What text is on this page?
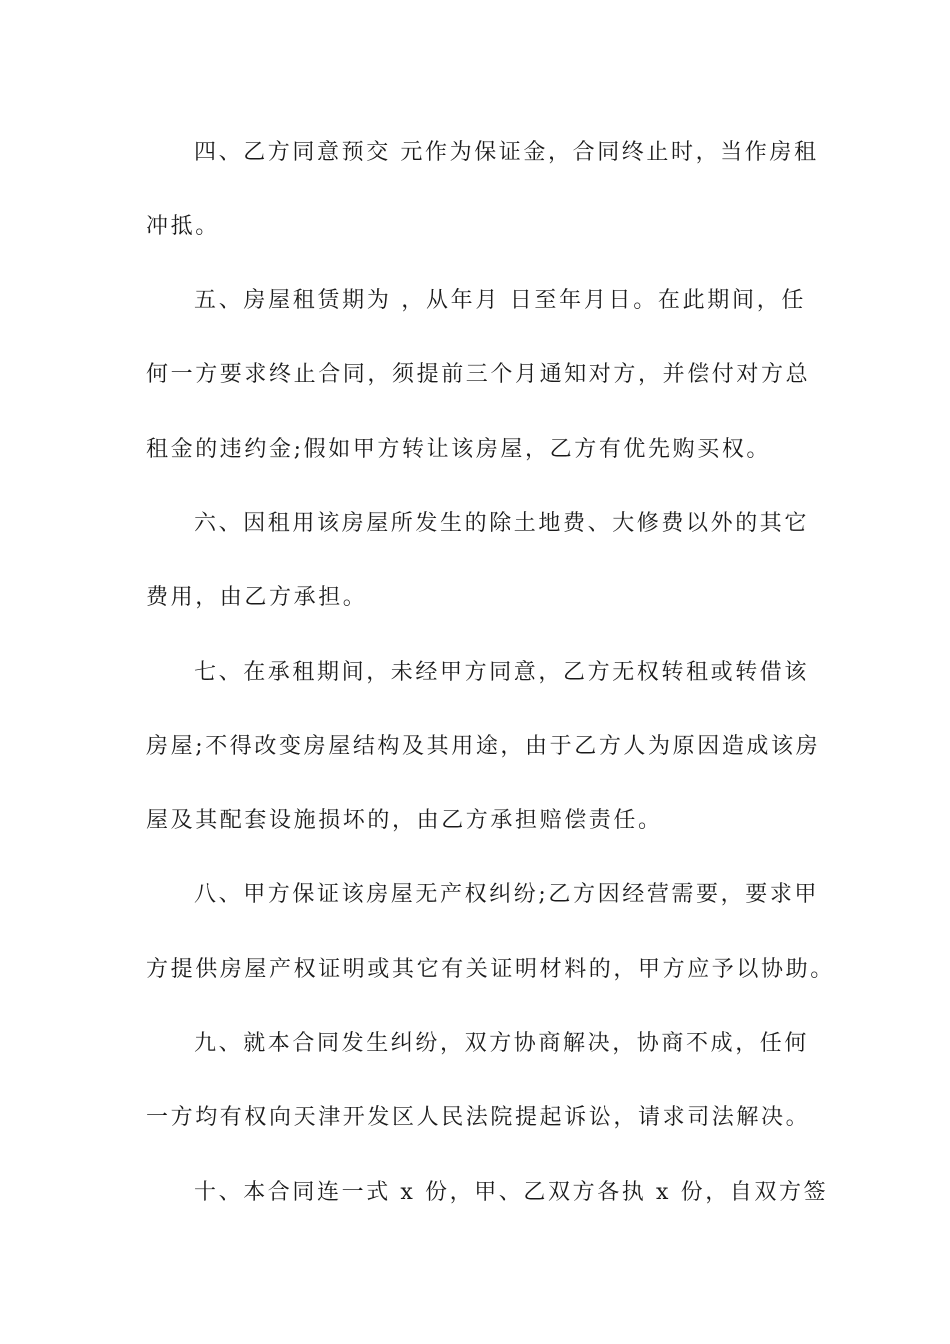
四、乙方同意预交 元作为保证金，合同终止时，当作房租
冲抵。
五、房屋租赁期为 ，从年月 日至年月日。在此期间，任
何一方要求终止合同，须提前三个月通知对方，并偿付对方总
租金的违约金;假如甲方转让该房屋，乙方有优先购买权。
六、因租用该房屋所发生的除土地费、大修费以外的其它
费用，由乙方承担。
七、在承租期间，未经甲方同意，乙方无权转租或转借该
房屋;不得改变房屋结构及其用途，由于乙方人为原因造成该房
屋及其配套设施损坏的，由乙方承担赔偿责任。
八、甲方保证该房屋无产权纠纷;乙方因经营需要，要求甲
方提供房屋产权证明或其它有关证明材料的，甲方应予以协助。
九、就本合同发生纠纷，双方协商解决，协商不成，任何
一方均有权向天津开发区人民法院提起诉讼，请求司法解决。
十、本合同连一式 x 份，甲、乙双方各执 x 份，自双方签
